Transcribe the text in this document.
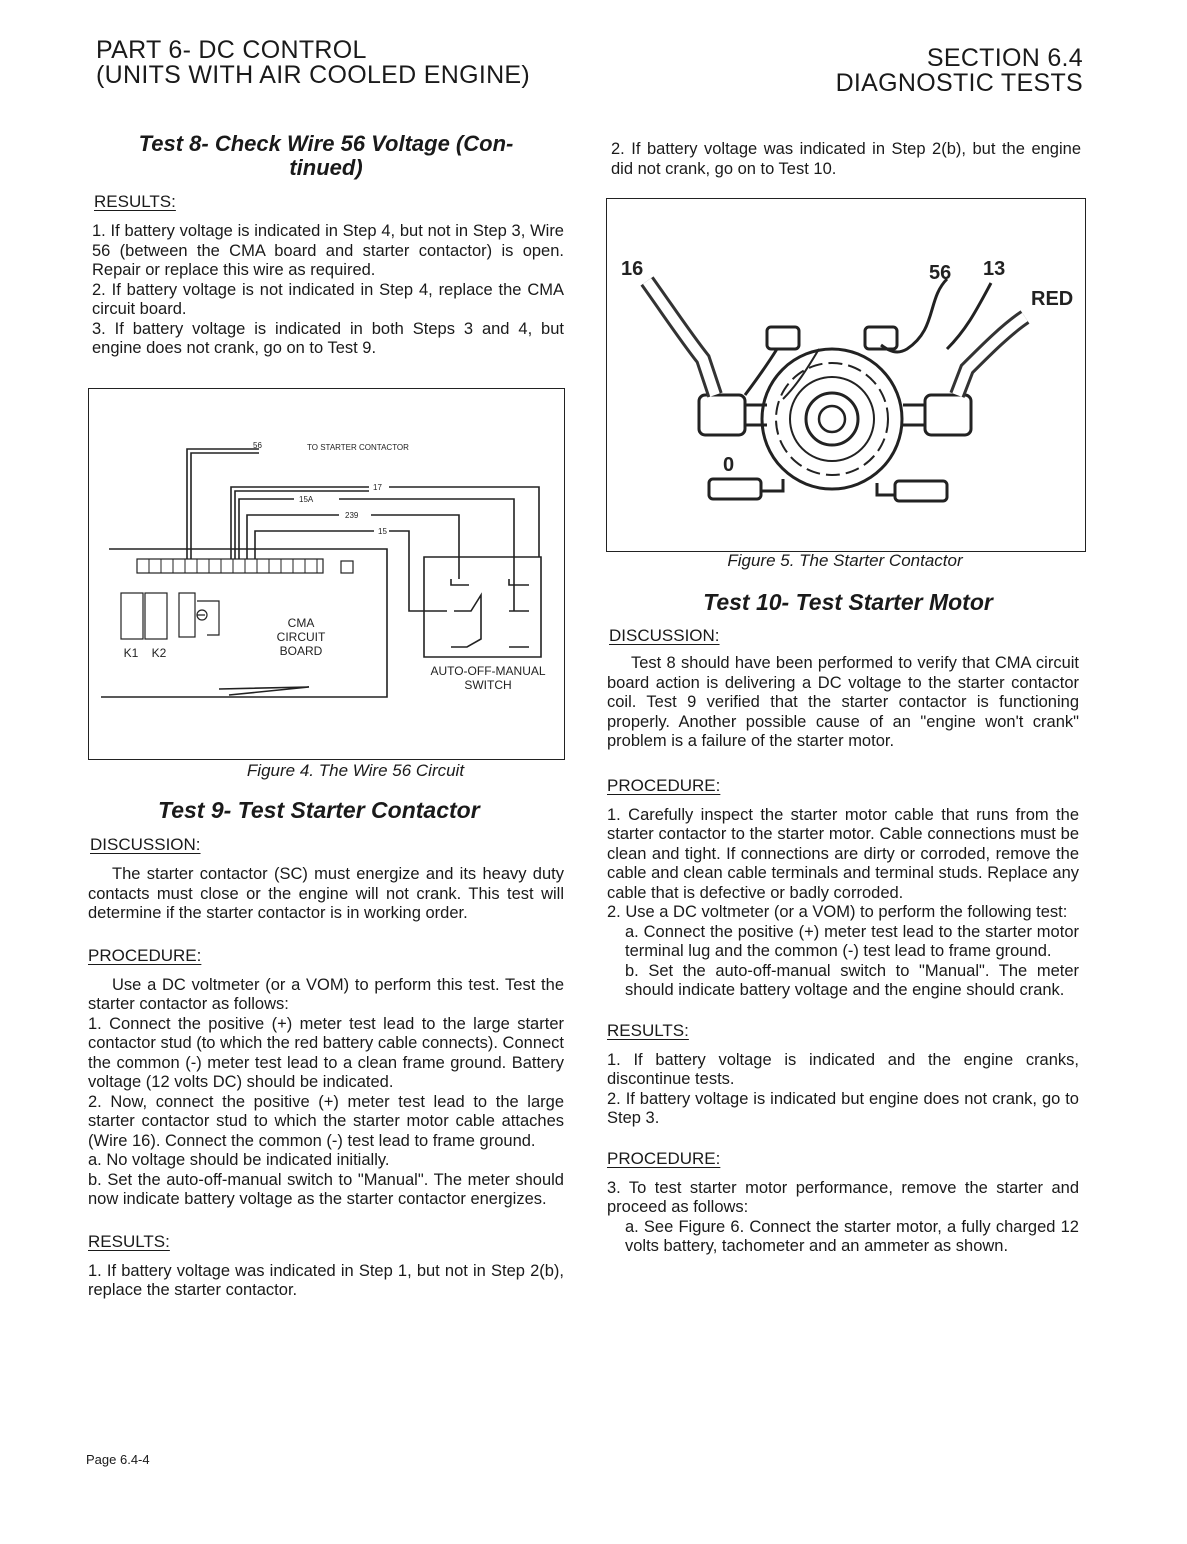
PART 6- DC CONTROL
(UNITS WITH AIR COOLED ENGINE)
SECTION 6.4
DIAGNOSTIC TESTS
Test 8- Check Wire 56 Voltage (Con-
tinued)
RESULTS:

1. If battery voltage is indicated in Step 4, but not in Step 3, Wire 56 (between the CMA board and starter contactor) is open. Repair or replace this wire as required.

2. If battery voltage is not indicated in Step 4, replace the CMA circuit board.

3. If battery voltage is indicated in both Steps 3 and 4, but engine does not crank, go on to Test 9.

56	TO STARTER CONTACTOR
17
15A
239
15
CMA
CIRCUIT
BOARD
K1 K2
AUTO-OFF-MANUAL
SWITCH
Figure 4. The Wire 56 Circuit
Test 9- Test Starter Contactor
DISCUSSION:

The starter contactor (SC) must energize and its heavy duty contacts must close or the engine will not crank. This test will determine if the starter contactor is in working order.

PROCEDURE:

Use a DC voltmeter (or a VOM) to perform this test. Test the starter contactor as follows:

1. Connect the positive (+) meter test lead to the large starter contactor stud (to which the red battery cable connects). Connect the common (-) meter test lead to a clean frame ground. Battery voltage (12 volts DC) should be indicated.

2. Now, connect the positive (+) meter test lead to the large starter contactor stud to which the starter motor cable attaches (Wire 16). Connect the common (-) test lead to frame ground.

a. No voltage should be indicated initially.

b. Set the auto-off-manual switch to "Manual". The meter should now indicate battery voltage as the starter contactor energizes.

RESULTS:

1. If battery voltage was indicated in Step 1, but not in Step 2(b), replace the starter contactor.

2. If battery voltage was indicated in Step 2(b), but the engine did not crank, go on to Test 10.

16	56 13
RED
0
Figure 5. The Starter Contactor
Test 10- Test Starter Motor
DISCUSSION:

Test 8 should have been performed to verify that CMA circuit board action is delivering a DC voltage to the starter contactor coil. Test 9 verified that the starter contactor is functioning properly. Another possible cause of an "engine won't crank" problem is a failure of the starter motor.

PROCEDURE:

1. Carefully inspect the starter motor cable that runs from the starter contactor to the starter motor. Cable connections must be clean and tight. If connections are dirty or corroded, remove the cable and clean cable terminals and terminal studs. Replace any cable that is defective or badly corroded.

2. Use a DC voltmeter (or a VOM) to perform the following test:

a. Connect the positive (+) meter test lead to the starter motor terminal lug and the common (-) test lead to frame ground.

b. Set the auto-off-manual switch to "Manual". The meter should indicate battery voltage and the engine should crank.

RESULTS:

1. If battery voltage is indicated and the engine cranks, discontinue tests.

2. If battery voltage is indicated but engine does not crank, go to Step 3.

PROCEDURE:

3. To test starter motor performance, remove the starter and proceed as follows:

a. See Figure 6. Connect the starter motor, a fully charged 12 volts battery, tachometer and an ammeter as shown.

Page 6.4-4
